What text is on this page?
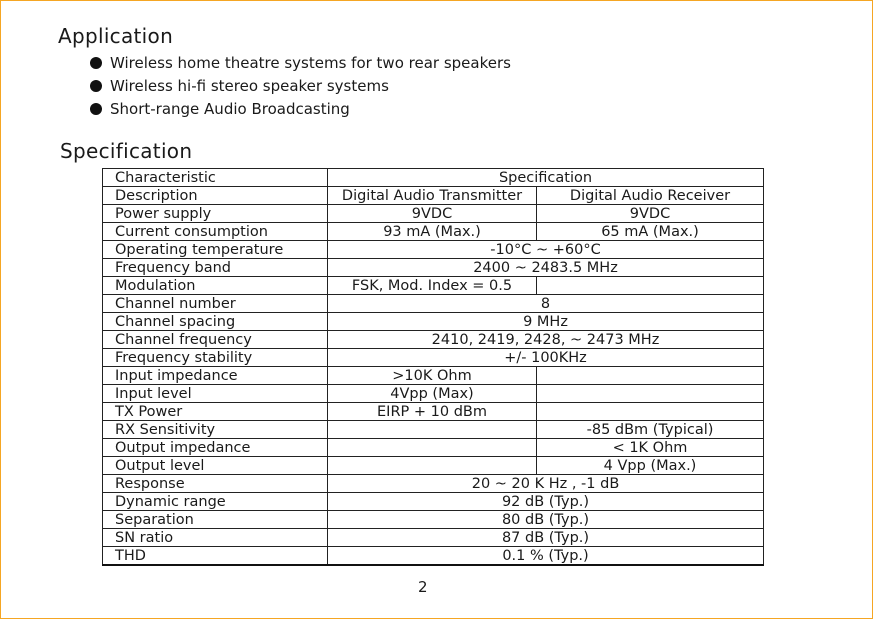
Application
Wireless home theatre systems for two rear speakers
Wireless hi-fi stereo speaker systems
Short-range Audio Broadcasting
Specification
Characteristic	Specification	
Description	Digital Audio Transmitter	Digital Audio Receiver
Power supply	9VDC	9VDC
Current consumption	93 mA (Max.)	65 mA (Max.)
Operating temperature	-10°C ~ +60°C	
Frequency band	2400 ~ 2483.5 MHz	
Modulation	FSK, Mod. Index = 0.5	
Channel number	8	
Channel spacing	9 MHz	
Channel frequency	2410, 2419, 2428, ~ 2473 MHz	
Frequency stability	+/- 100KHz	
Input impedance	>10K Ohm	
Input level	4Vpp (Max)	
TX Power	EIRP + 10 dBm	
RX Sensitivity		-85 dBm (Typical)
Output impedance		< 1K Ohm
Output level		4 Vpp (Max.)
Response	20 ~ 20 K Hz , -1 dB	
Dynamic range	92 dB (Typ.)	
Separation	80 dB (Typ.)	
SN ratio	87 dB (Typ.)	
THD	0.1 % (Typ.)	
2
